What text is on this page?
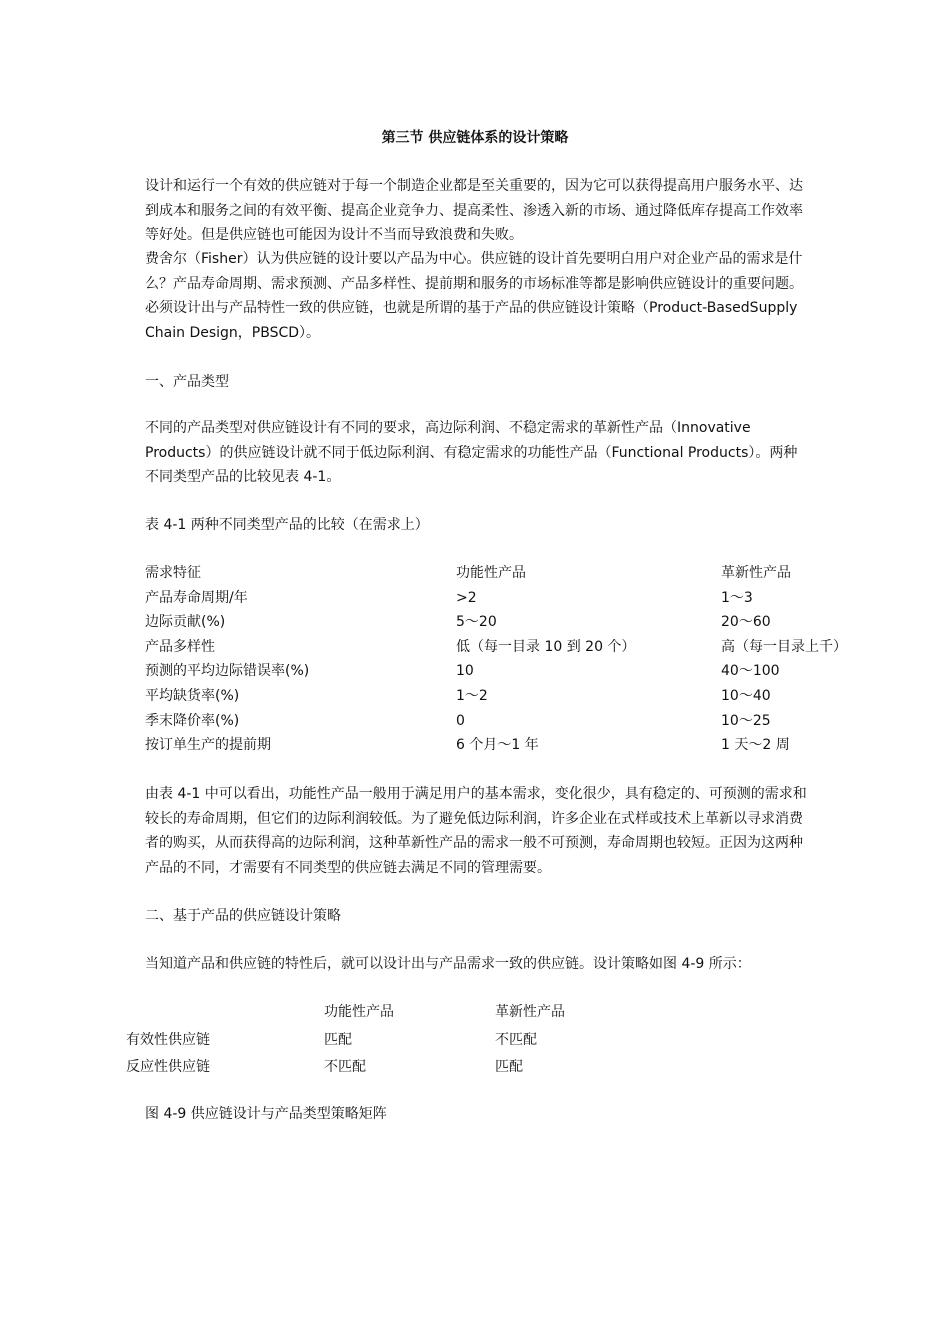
第三节 供应链体系的设计策略

设计和运行一个有效的供应链对于每一个制造企业都是至关重要的，因为它可以获得提高用户服务水平、达到成本和服务之间的有效平衡、提高企业竞争力、提高柔性、渗透入新的市场、通过降低库存提高工作效率等好处。但是供应链也可能因为设计不当而导致浪费和失败。

费舍尔（Fisher）认为供应链的设计要以产品为中心。供应链的设计首先要明白用户对企业产品的需求是什么？产品寿命周期、需求预测、产品多样性、提前期和服务的市场标准等都是影响供应链设计的重要问题。必须设计出与产品特性一致的供应链，也就是所谓的基于产品的供应链设计策略（Product-BasedSupply Chain Design，PBSCD）。

一、产品类型

不同的产品类型对供应链设计有不同的要求，高边际利润、不稳定需求的革新性产品（Innovative Products）的供应链设计就不同于低边际利润、有稳定需求的功能性产品（Functional Products）。两种不同类型产品的比较见表 4-1。

表 4-1 两种不同类型产品的比较（在需求上）

需求特征	功能性产品	革新性产品
产品寿命周期/年	>2	1～3
边际贡献(%)	5～20	20～60
产品多样性	低（每一目录 10 到 20 个）	高（每一目录上千）
预测的平均边际错误率(%)	10	40～100
平均缺货率(%)	1～2	10～40
季末降价率(%)	0	10～25
按订单生产的提前期	6 个月～1 年	1 天～2 周

由表 4-1 中可以看出，功能性产品一般用于满足用户的基本需求，变化很少，具有稳定的、可预测的需求和较长的寿命周期，但它们的边际利润较低。为了避免低边际利润，许多企业在式样或技术上革新以寻求消费者的购买，从而获得高的边际利润，这种革新性产品的需求一般不可预测，寿命周期也较短。正因为这两种产品的不同，才需要有不同类型的供应链去满足不同的管理需要。

二、基于产品的供应链设计策略

当知道产品和供应链的特性后，就可以设计出与产品需求一致的供应链。设计策略如图 4-9 所示：

	功能性产品	革新性产品
有效性供应链	匹配	不匹配
反应性供应链	不匹配	匹配

图 4-9 供应链设计与产品类型策略矩阵
